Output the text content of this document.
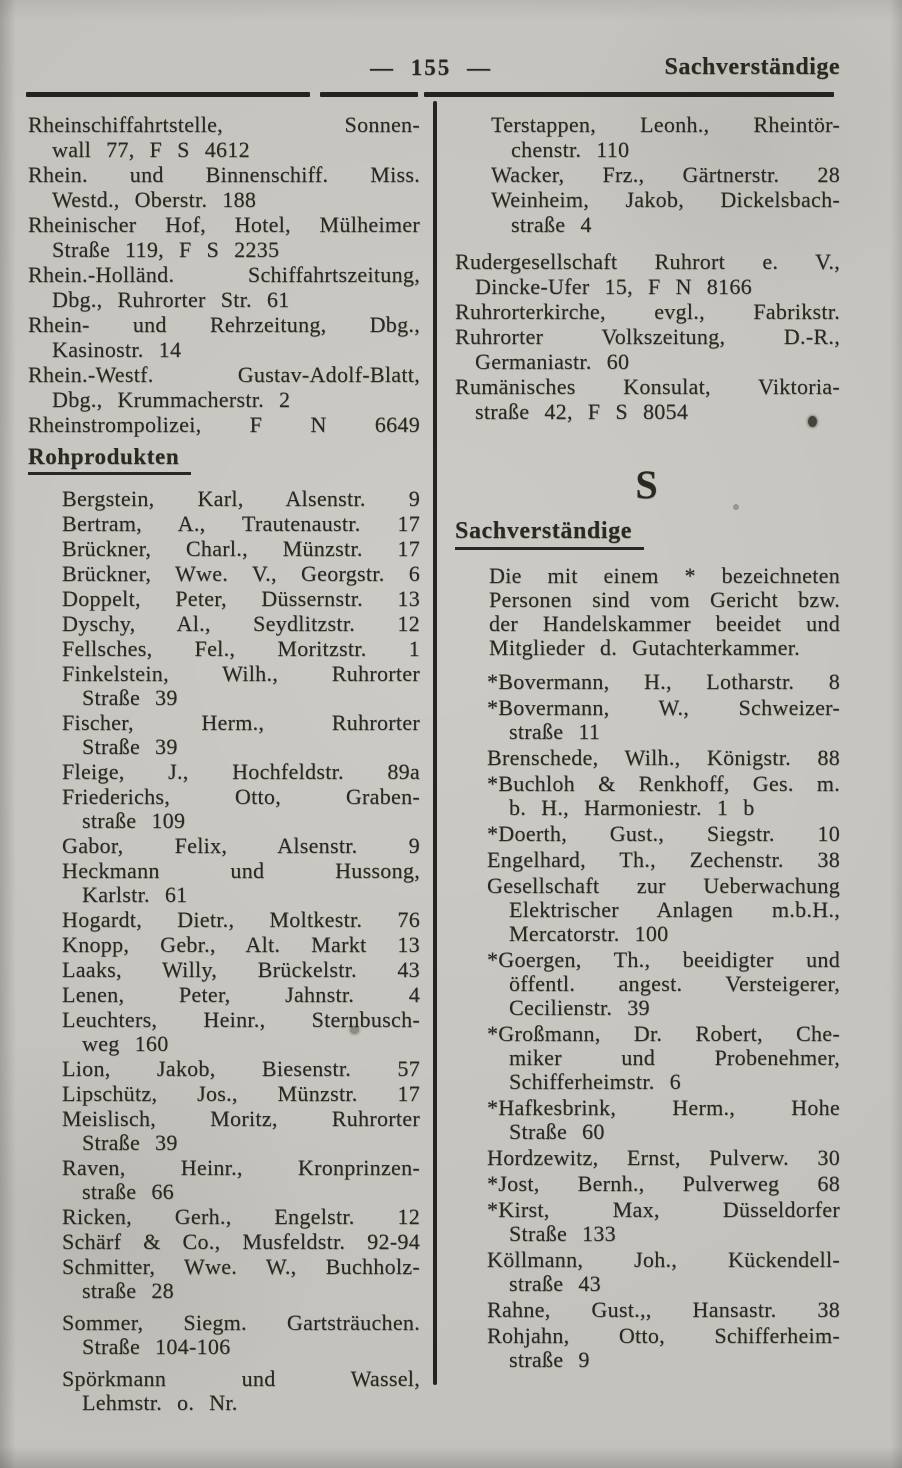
— 155 —	Sachverständige
Rheinschiffahrtstelle, Sonnen-
wall 77, F S 4612
Rhein. und Binnenschiff. Miss.
Westd., Oberstr. 188
Rheinischer Hof, Hotel, Mülheimer
Straße 119, F S 2235
Rhein.-Holländ. Schiffahrtszeitung,
Dbg., Ruhrorter Str. 61
Rhein- und Rehrzeitung, Dbg.,
Kasinostr. 14
Rhein.-Westf. Gustav-Adolf-Blatt,
Dbg., Krummacherstr. 2
Rheinstrompolizei, F N 6649
Rohprodukten
Bergstein, Karl, Alsenstr. 9
Bertram, A., Trautenaustr. 17
Brückner, Charl., Münzstr. 17
Brückner, Wwe. V., Georgstr. 6
Doppelt, Peter, Düssernstr. 13
Dyschy, Al., Seydlitzstr. 12
Fellsches, Fel., Moritzstr. 1
Finkelstein, Wilh., Ruhrorter
Straße 39
Fischer, Herm., Ruhrorter
Straße 39
Fleige, J., Hochfeldstr. 89a
Friederichs, Otto, Graben-
straße 109
Gabor, Felix, Alsenstr. 9
Heckmann und Hussong,
Karlstr. 61
Hogardt, Dietr., Moltkestr. 76
Knopp, Gebr., Alt. Markt 13
Laaks, Willy, Brückelstr. 43
Lenen, Peter, Jahnstr. 4
Leuchters, Heinr., Sternbusch-
weg 160
Lion, Jakob, Biesenstr. 57
Lipschütz, Jos., Münzstr. 17
Meislisch, Moritz, Ruhrorter
Straße 39
Raven, Heinr., Kronprinzen-
straße 66
Ricken, Gerh., Engelstr. 12
Schärf & Co., Musfeldstr. 92-94
Schmitter, Wwe. W., Buchholz-
straße 28
Sommer, Siegm. Gartsträuchen.
Straße 104-106
Spörkmann und Wassel,
Lehmstr. o. Nr.
Terstappen, Leonh., Rheintör-
chenstr. 110
Wacker, Frz., Gärtnerstr. 28
Weinheim, Jakob, Dickelsbach-
straße 4
Rudergesellschaft Ruhrort e. V.,
Dincke-Ufer 15, F N 8166
Ruhrorterkirche, evgl., Fabrikstr.
Ruhrorter Volkszeitung, D.-R.,
Germaniastr. 60
Rumänisches Konsulat, Viktoria-
straße 42, F S 8054
S
Sachverständige
Die mit einem * bezeichneten
Personen sind vom Gericht bzw.
der Handelskammer beeidet und
Mitglieder d. Gutachterkammer.
*Bovermann, H., Lotharstr. 8
*Bovermann, W., Schweizer-
straße 11
Brenschede, Wilh., Königstr. 88
*Buchloh & Renkhoff, Ges. m.
b. H., Harmoniestr. 1 b
*Doerth, Gust., Siegstr. 10
Engelhard, Th., Zechenstr. 38
Gesellschaft zur Ueberwachung
Elektrischer Anlagen m.b.H.,
Mercatorstr. 100
*Goergen, Th., beeidigter und
öffentl. angest. Versteigerer,
Cecilienstr. 39
*Großmann, Dr. Robert, Che-
miker und Probenehmer,
Schifferheimstr. 6
*Hafkesbrink, Herm., Hohe
Straße 60
Hordzewitz, Ernst, Pulverw. 30
*Jost, Bernh., Pulverweg 68
*Kirst, Max, Düsseldorfer
Straße 133
Köllmann, Joh., Kückendell-
straße 43
Rahne, Gust.,, Hansastr. 38
Rohjahn, Otto, Schifferheim-
straße 9
